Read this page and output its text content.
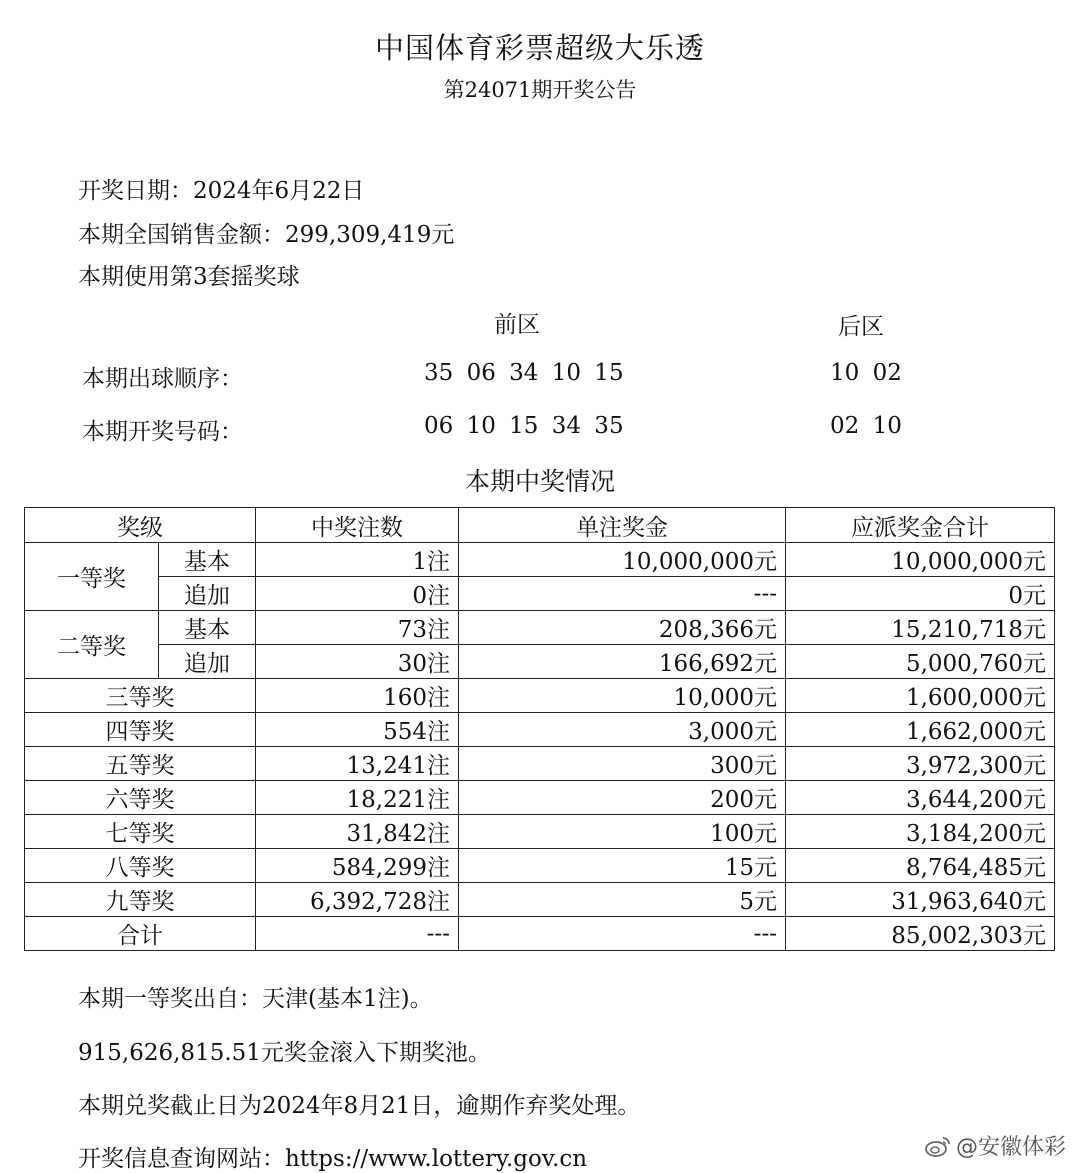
中国体育彩票超级大乐透
第24071期开奖公告
开奖日期：2024年6月22日
本期全国销售金额：299,309,419元
本期使用第3套摇奖球
前区	后区
本期出球顺序：	35 06 34 10 15	10 02
本期开奖号码：	06 10 15 34 35	02 10
本期中奖情况
奖级		中奖注数	单注奖金	应派奖金合计
一等奖	基本	1注	10,000,000元	10,000,000元
	追加	0注	---	0元
二等奖	基本	73注	208,366元	15,210,718元
	追加	30注	166,692元	5,000,760元
三等奖		160注	10,000元	1,600,000元
四等奖		554注	3,000元	1,662,000元
五等奖		13,241注	300元	3,972,300元
六等奖		18,221注	200元	3,644,200元
七等奖		31,842注	100元	3,184,200元
八等奖		584,299注	15元	8,764,485元
九等奖		6,392,728注	5元	31,963,640元
合计		---	---	85,002,303元
本期一等奖出自：天津(基本1注)。
915,626,815.51元奖金滚入下期奖池。
本期兑奖截止日为2024年8月21日，逾期作弃奖处理。
开奖信息查询网站：https://www.lottery.gov.cn	@安徽体彩
